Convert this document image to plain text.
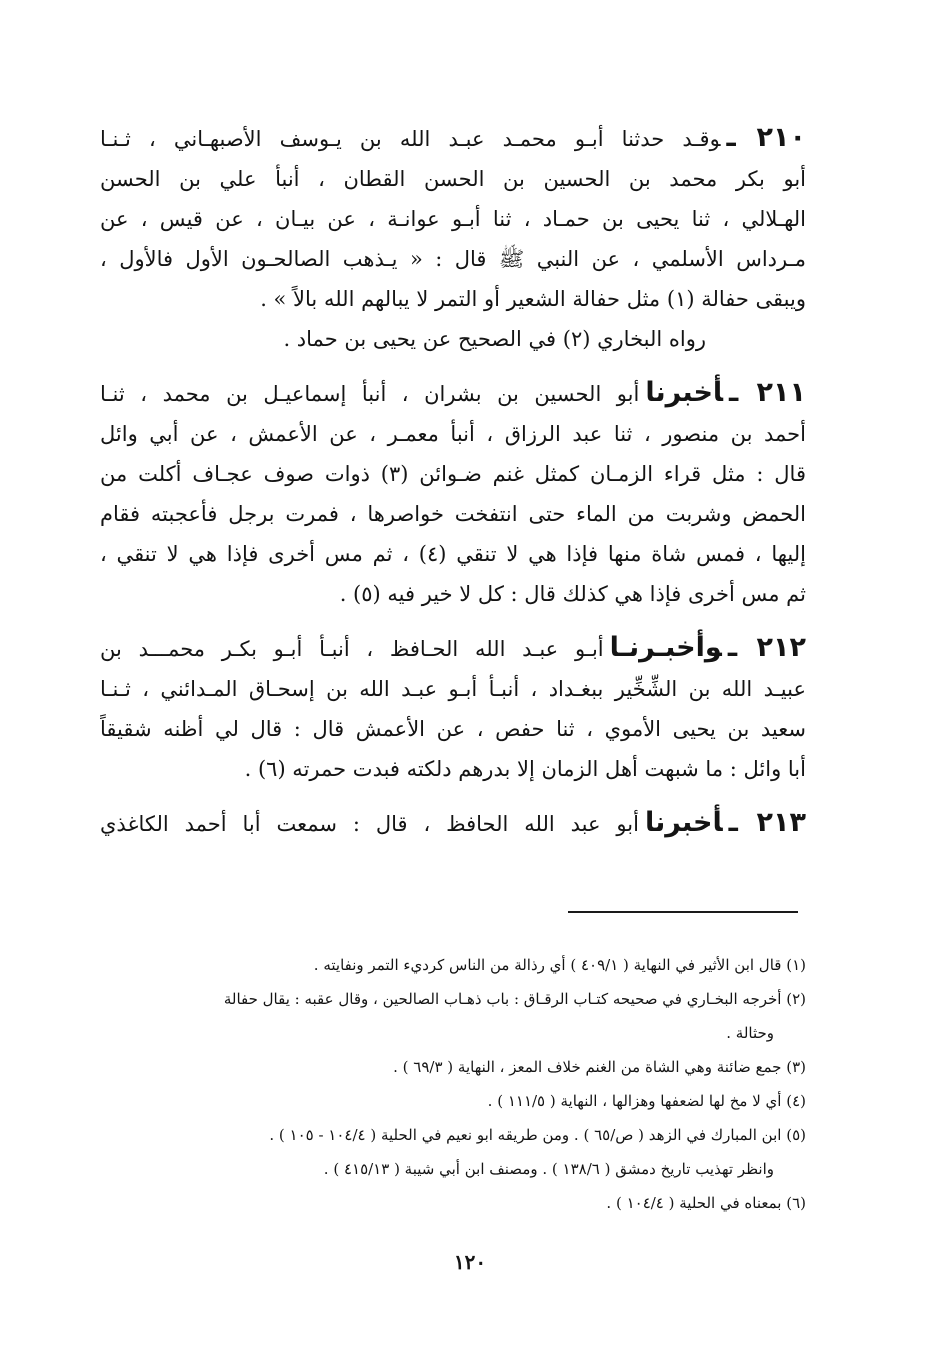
٢١٠ ـوقـد حدثنا أبـو محمـد عبـد الله بن يـوسف الأصبهـاني ، ثـنـا
أبو بكر محمد بن الحسين بن الحسن القطان ، أنبأ علي بن الحسن
الهـلالي ، ثنا يحيى بن حمـاد ، ثنا أبـو عوانـة ، عن بيـان ، عن قيس ، عن
مـرداس الأسلمي ، عن النبي ﷺ قال : « يـذهب الصالحـون الأول فالأول ،
ويبقى حفالة (١) مثل حفالة الشعير أو التمر لا يبالهم الله بالاً » .
رواه البخاري (٢) في الصحيح عن يحيى بن حماد .
٢١١ ـأخبرناأبو الحسين بن بشران ، أنبأ إسماعيـل بن محمد ، ثنـا
أحمد بن منصور ، ثنا عبد الرزاق ، أنبأ معمـر ، عن الأعمش ، عن أبي وائل
قال : مثل قراء الزمـان كمثل غنم ضـوائن (٣) ذوات صوف عجـاف أكلت من
الحمض وشربت من الماء حتى انتفخت خواصرها ، فمرت برجل فأعجبته فقام
إليها ، فمس شاة منها فإذا هي لا تنقي (٤) ، ثم مس أخرى فإذا هي لا تنقي ،
ثم مس أخرى فإذا هي كذلك قال : كل لا خير فيه (٥) .
٢١٢ ـوأخبـرنـاأبـو عبـد الله الحـافظ ، أنبـأ أبـو بكـر محمـــد بن
عبيـد الله بن الشِّخِّير ببغـداد ، أنبـأ أبـو عبـد الله بن إسحـاق المـدائني ، ثـنـا
سعيد بن يحيى الأموي ، ثنا حفص ، عن الأعمش قال : قال لي أظنه شقيقاً
أبا وائل : ما شبهت أهل الزمان إلا بدرهم دلكته فبدت حمرته (٦) .
٢١٣ ـأخبرناأبو عبد الله الحافظ ، قال : سمعت أبا أحمد الكاغذي
(١) قال ابن الأثير في النهاية ( ٤٠٩/١ ) أي رذالة من الناس كرديء التمر ونفايته .
(٢) أخرجه البخـاري في صحيحه كتـاب الرقـاق : باب ذهـاب الصالحين ، وقال عقبه : يقال حفالة
وحثالة .
(٣) جمع ضائنة وهي الشاة من الغنم خلاف المعز ، النهاية ( ٦٩/٣ ) .
(٤) أي لا مخ لها لضعفها وهزالها ، النهاية ( ١١١/٥ ) .
(٥) ابن المبارك في الزهد ( ص/٦٥ ) . ومن طريقه ابو نعيم في الحلية ( ١٠٤/٤ - ١٠٥ ) .
وانظر تهذيب تاريخ دمشق ( ١٣٨/٦ ) . ومصنف ابن أبي شيبة ( ٤١٥/١٣ ) .
(٦) بمعناه في الحلية ( ١٠٤/٤ ) .
١٢٠
